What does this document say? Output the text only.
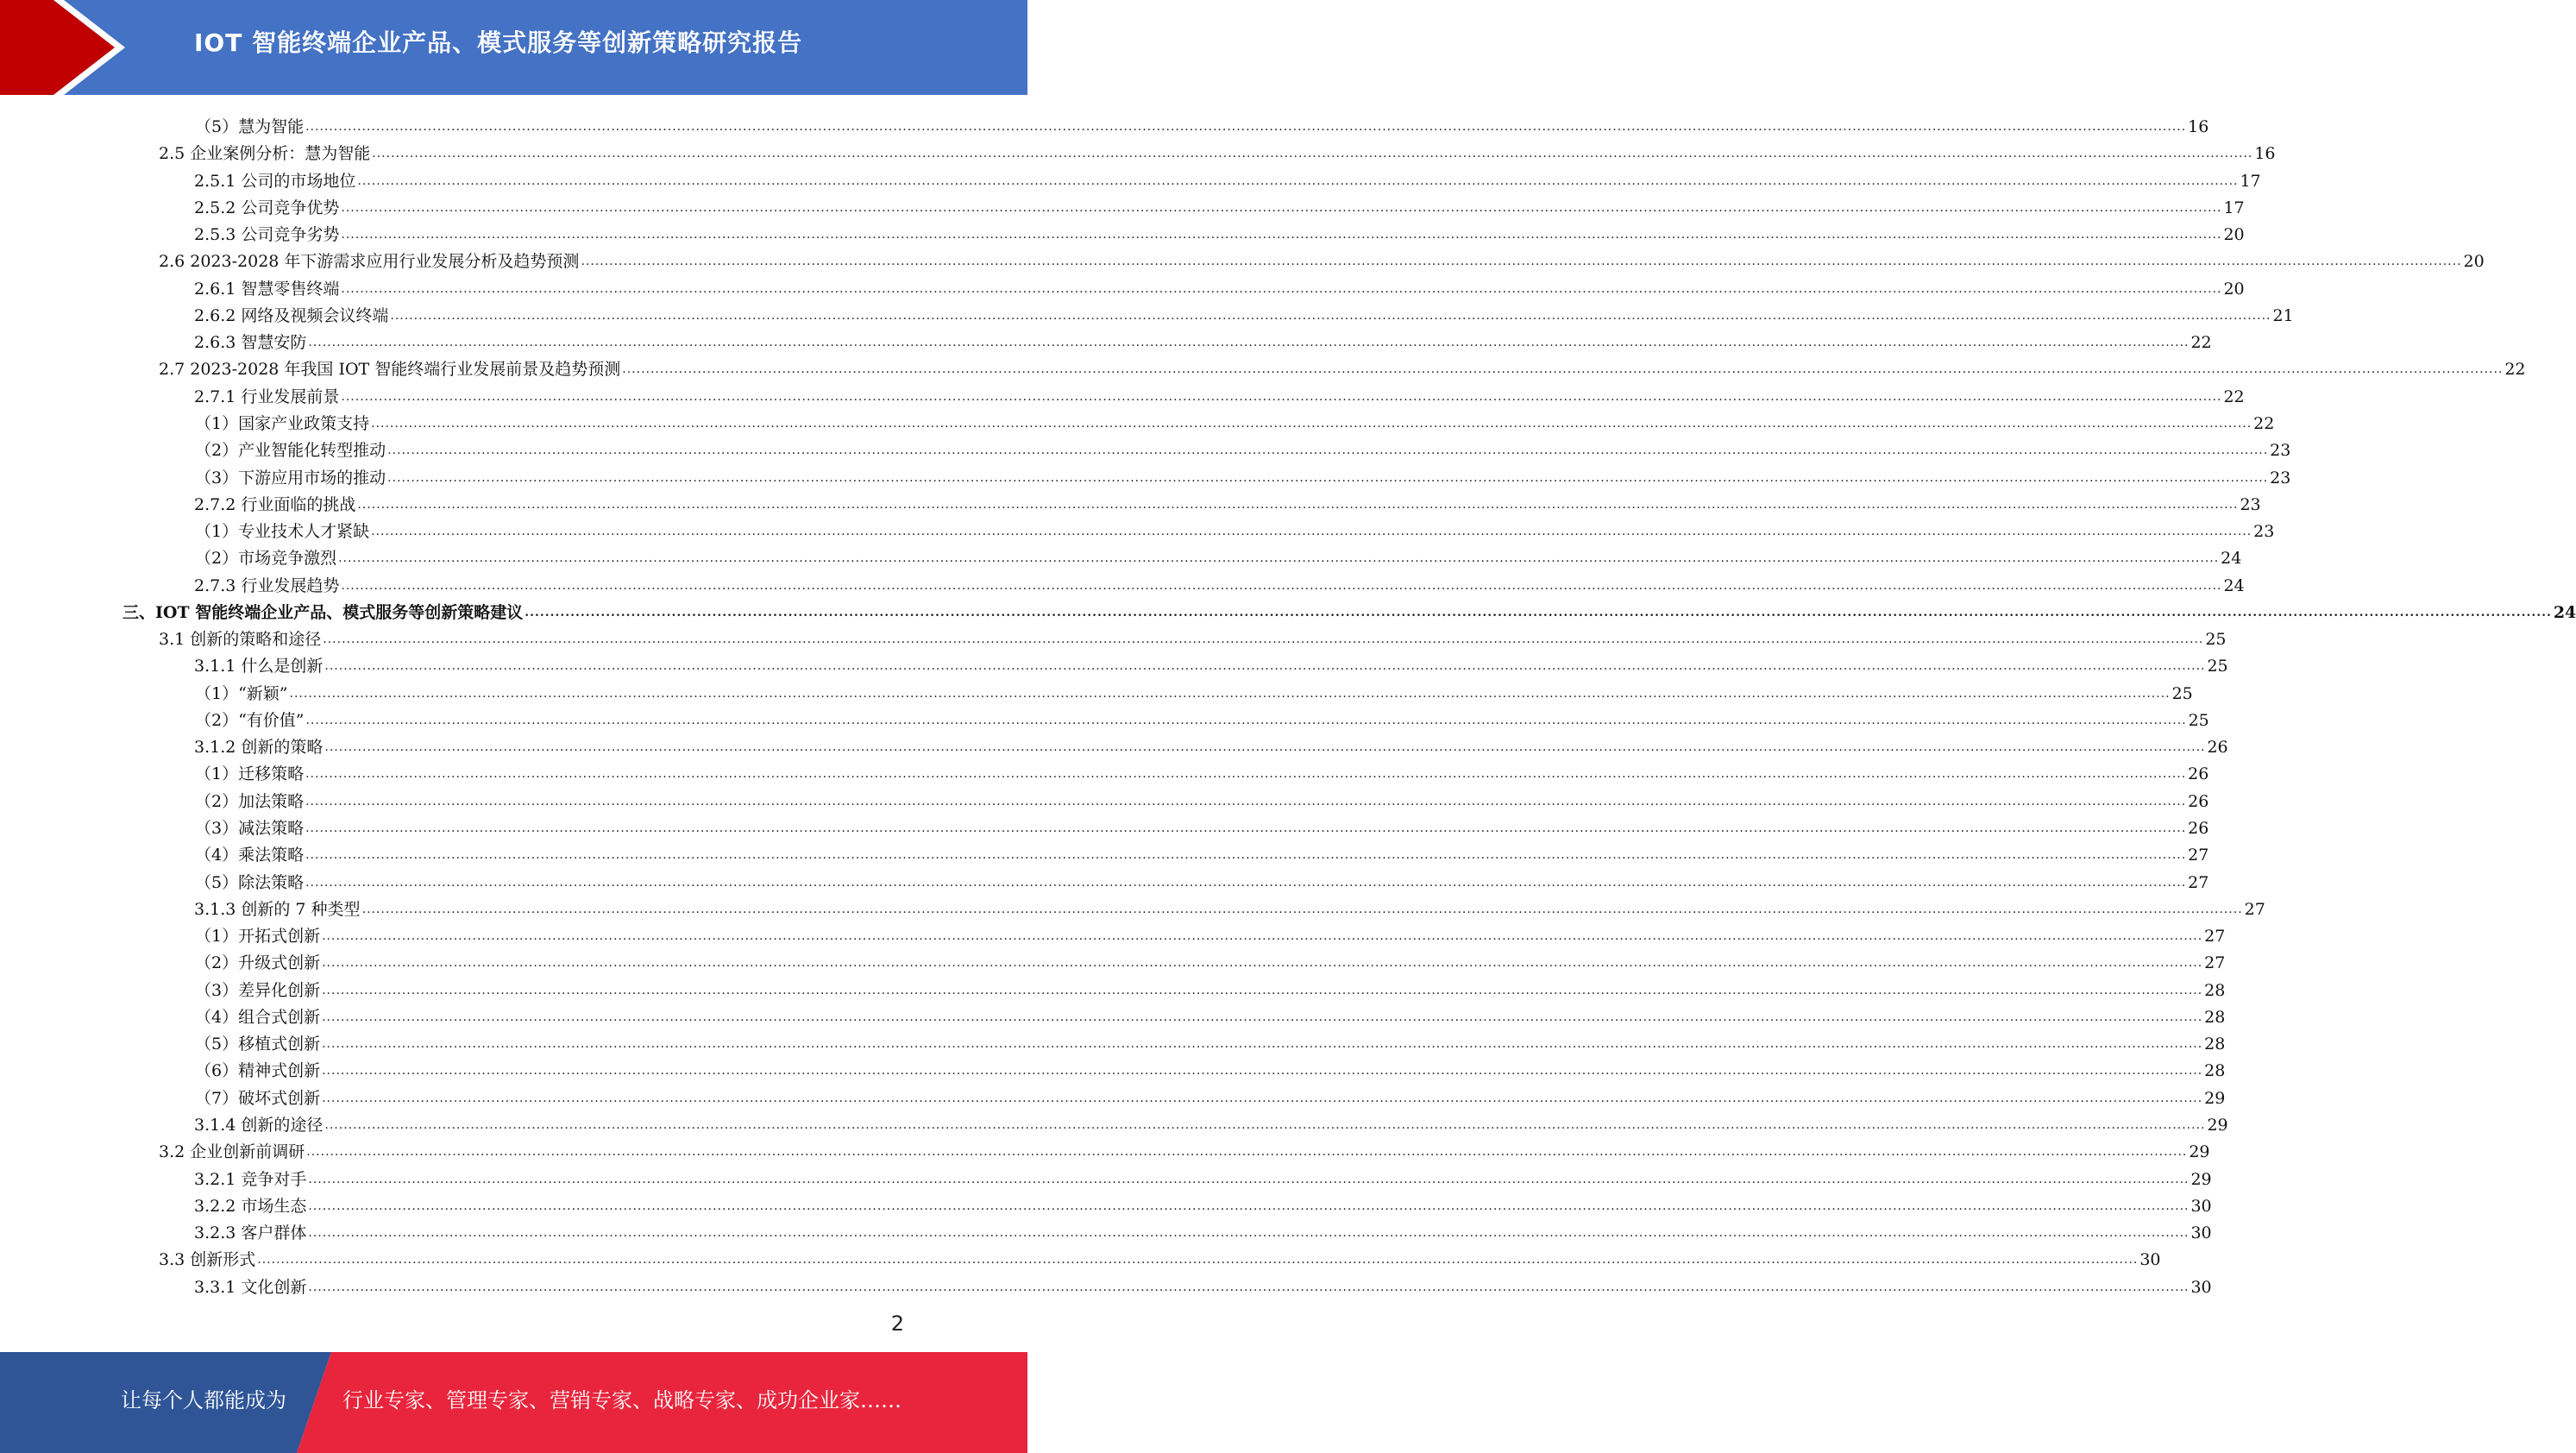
IOT 智能终端企业产品、模式服务等创新策略研究报告
（5）慧为智能 ................................................................................................................................................................................................................................................................................................................................................................................................................ 16
2.5 企业案例分析：慧为智能 ................................................................................................................................................................................................................................................................................................................................................................................................................ 16
2.5.1 公司的市场地位 ................................................................................................................................................................................................................................................................................................................................................................................................................ 17
2.5.2 公司竞争优势 ................................................................................................................................................................................................................................................................................................................................................................................................................ 17
2.5.3 公司竞争劣势 ................................................................................................................................................................................................................................................................................................................................................................................................................ 20
2.6 2023-2028 年下游需求应用行业发展分析及趋势预测 ................................................................................................................................................................................................................................................................................................................................................................................................................ 20
2.6.1 智慧零售终端 ................................................................................................................................................................................................................................................................................................................................................................................................................ 20
2.6.2 网络及视频会议终端 ................................................................................................................................................................................................................................................................................................................................................................................................................ 21
2.6.3 智慧安防 ................................................................................................................................................................................................................................................................................................................................................................................................................ 22
2.7 2023-2028 年我国 IOT 智能终端行业发展前景及趋势预测 ................................................................................................................................................................................................................................................................................................................................................................................................................ 22
2.7.1 行业发展前景 ................................................................................................................................................................................................................................................................................................................................................................................................................ 22
（1）国家产业政策支持 ................................................................................................................................................................................................................................................................................................................................................................................................................ 22
（2）产业智能化转型推动 ................................................................................................................................................................................................................................................................................................................................................................................................................ 23
（3）下游应用市场的推动 ................................................................................................................................................................................................................................................................................................................................................................................................................ 23
2.7.2 行业面临的挑战 ................................................................................................................................................................................................................................................................................................................................................................................................................ 23
（1）专业技术人才紧缺 ................................................................................................................................................................................................................................................................................................................................................................................................................ 23
（2）市场竞争激烈 ................................................................................................................................................................................................................................................................................................................................................................................................................ 24
2.7.3 行业发展趋势 ................................................................................................................................................................................................................................................................................................................................................................................................................ 24
三、IOT 智能终端企业产品、模式服务等创新策略建议 ................................................................................................................................................................................................................................................................................................................................................................................................................ 24
3.1 创新的策略和途径 ................................................................................................................................................................................................................................................................................................................................................................................................................ 25
3.1.1 什么是创新 ................................................................................................................................................................................................................................................................................................................................................................................................................ 25
（1）“新颖” ................................................................................................................................................................................................................................................................................................................................................................................................................ 25
（2）“有价值” ................................................................................................................................................................................................................................................................................................................................................................................................................ 25
3.1.2 创新的策略 ................................................................................................................................................................................................................................................................................................................................................................................................................ 26
（1）迁移策略 ................................................................................................................................................................................................................................................................................................................................................................................................................ 26
（2）加法策略 ................................................................................................................................................................................................................................................................................................................................................................................................................ 26
（3）减法策略 ................................................................................................................................................................................................................................................................................................................................................................................................................ 26
（4）乘法策略 ................................................................................................................................................................................................................................................................................................................................................................................................................ 27
（5）除法策略 ................................................................................................................................................................................................................................................................................................................................................................................................................ 27
3.1.3 创新的 7 种类型 ................................................................................................................................................................................................................................................................................................................................................................................................................ 27
（1）开拓式创新 ................................................................................................................................................................................................................................................................................................................................................................................................................ 27
（2）升级式创新 ................................................................................................................................................................................................................................................................................................................................................................................................................ 27
（3）差异化创新 ................................................................................................................................................................................................................................................................................................................................................................................................................ 28
（4）组合式创新 ................................................................................................................................................................................................................................................................................................................................................................................................................ 28
（5）移植式创新 ................................................................................................................................................................................................................................................................................................................................................................................................................ 28
（6）精神式创新 ................................................................................................................................................................................................................................................................................................................................................................................................................ 28
（7）破坏式创新 ................................................................................................................................................................................................................................................................................................................................................................................................................ 29
3.1.4 创新的途径 ................................................................................................................................................................................................................................................................................................................................................................................................................ 29
3.2 企业创新前调研 ................................................................................................................................................................................................................................................................................................................................................................................................................ 29
3.2.1 竞争对手 ................................................................................................................................................................................................................................................................................................................................................................................................................ 29
3.2.2 市场生态 ................................................................................................................................................................................................................................................................................................................................................................................................................ 30
3.2.3 客户群体 ................................................................................................................................................................................................................................................................................................................................................................................................................ 30
3.3 创新形式 ................................................................................................................................................................................................................................................................................................................................................................................................................ 30
3.3.1 文化创新 ................................................................................................................................................................................................................................................................................................................................................................................................................ 30
2
让每个人都能成为	行业专家、管理专家、营销专家、战略专家、成功企业家……
